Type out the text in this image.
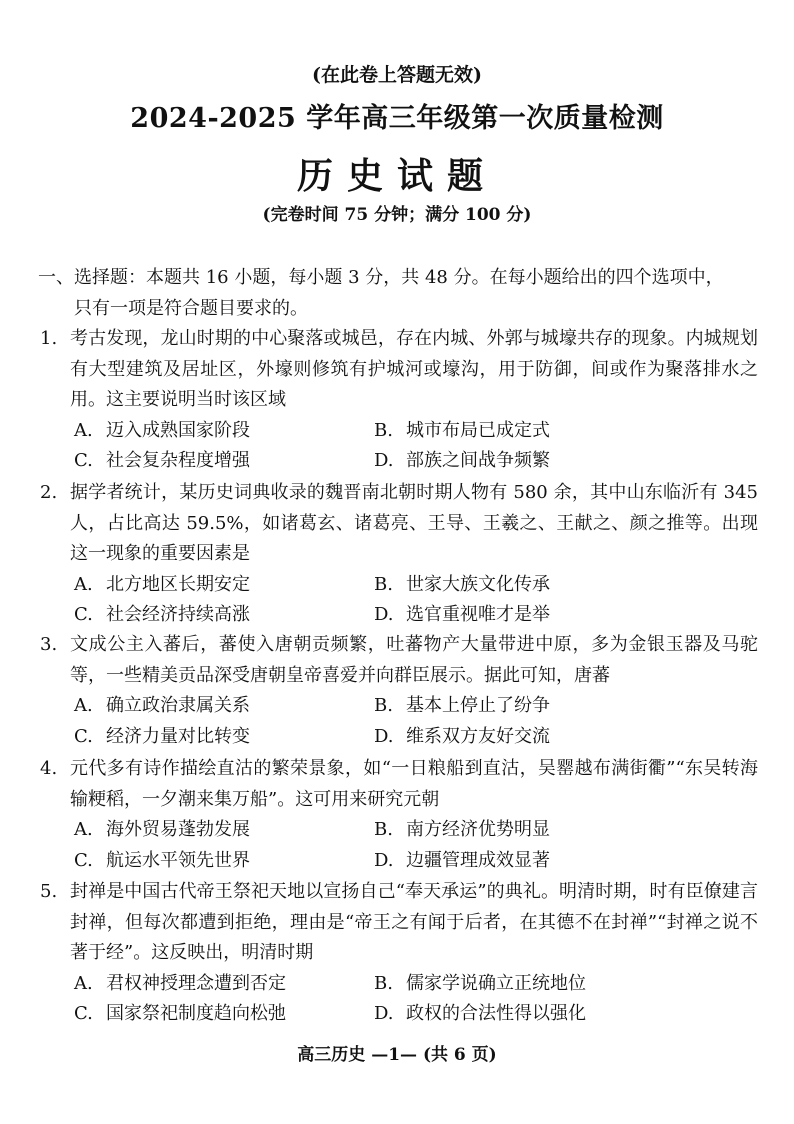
(在此卷上答题无效)
2024-2025 学年高三年级第一次质量检测
历史试题
(完卷时间 75 分钟；满分 100 分)
一、选择题：本题共 16 小题，每小题 3 分，共 48 分。在每小题给出的四个选项中，
只有一项是符合题目要求的。
1. 考古发现，龙山时期的中心聚落或城邑，存在内城、外郭与城壕共存的现象。内城规划有大型建筑及居址区，外壕则修筑有护城河或壕沟，用于防御，间或作为聚落排水之用。这主要说明当时该区域
A. 迈入成熟国家阶段	B. 城市布局已成定式
C. 社会复杂程度增强	D. 部族之间战争频繁
2. 据学者统计，某历史词典收录的魏晋南北朝时期人物有 580 余，其中山东临沂有 345 人，占比高达 59.5%，如诸葛玄、诸葛亮、王导、王羲之、王献之、颜之推等。出现这一现象的重要因素是
A. 北方地区长期安定	B. 世家大族文化传承
C. 社会经济持续高涨	D. 选官重视唯才是举
3. 文成公主入蕃后，蕃使入唐朝贡频繁，吐蕃物产大量带进中原，多为金银玉器及马驼等，一些精美贡品深受唐朝皇帝喜爱并向群臣展示。据此可知，唐蕃
A. 确立政治隶属关系	B. 基本上停止了纷争
C. 经济力量对比转变	D. 维系双方友好交流
4. 元代多有诗作描绘直沽的繁荣景象，如“一日粮船到直沽，吴罂越布满街衢”“东吴转海输粳稻，一夕潮来集万船”。这可用来研究元朝
A. 海外贸易蓬勃发展	B. 南方经济优势明显
C. 航运水平领先世界	D. 边疆管理成效显著
5. 封禅是中国古代帝王祭祀天地以宣扬自己“奉天承运”的典礼。明清时期，时有臣僚建言封禅，但每次都遭到拒绝，理由是“帝王之有闻于后者，在其德不在封禅”“封禅之说不著于经”。这反映出，明清时期
A. 君权神授理念遭到否定	B. 儒家学说确立正统地位
C. 国家祭祀制度趋向松弛	D. 政权的合法性得以强化
高三历史 —1— (共 6 页)
